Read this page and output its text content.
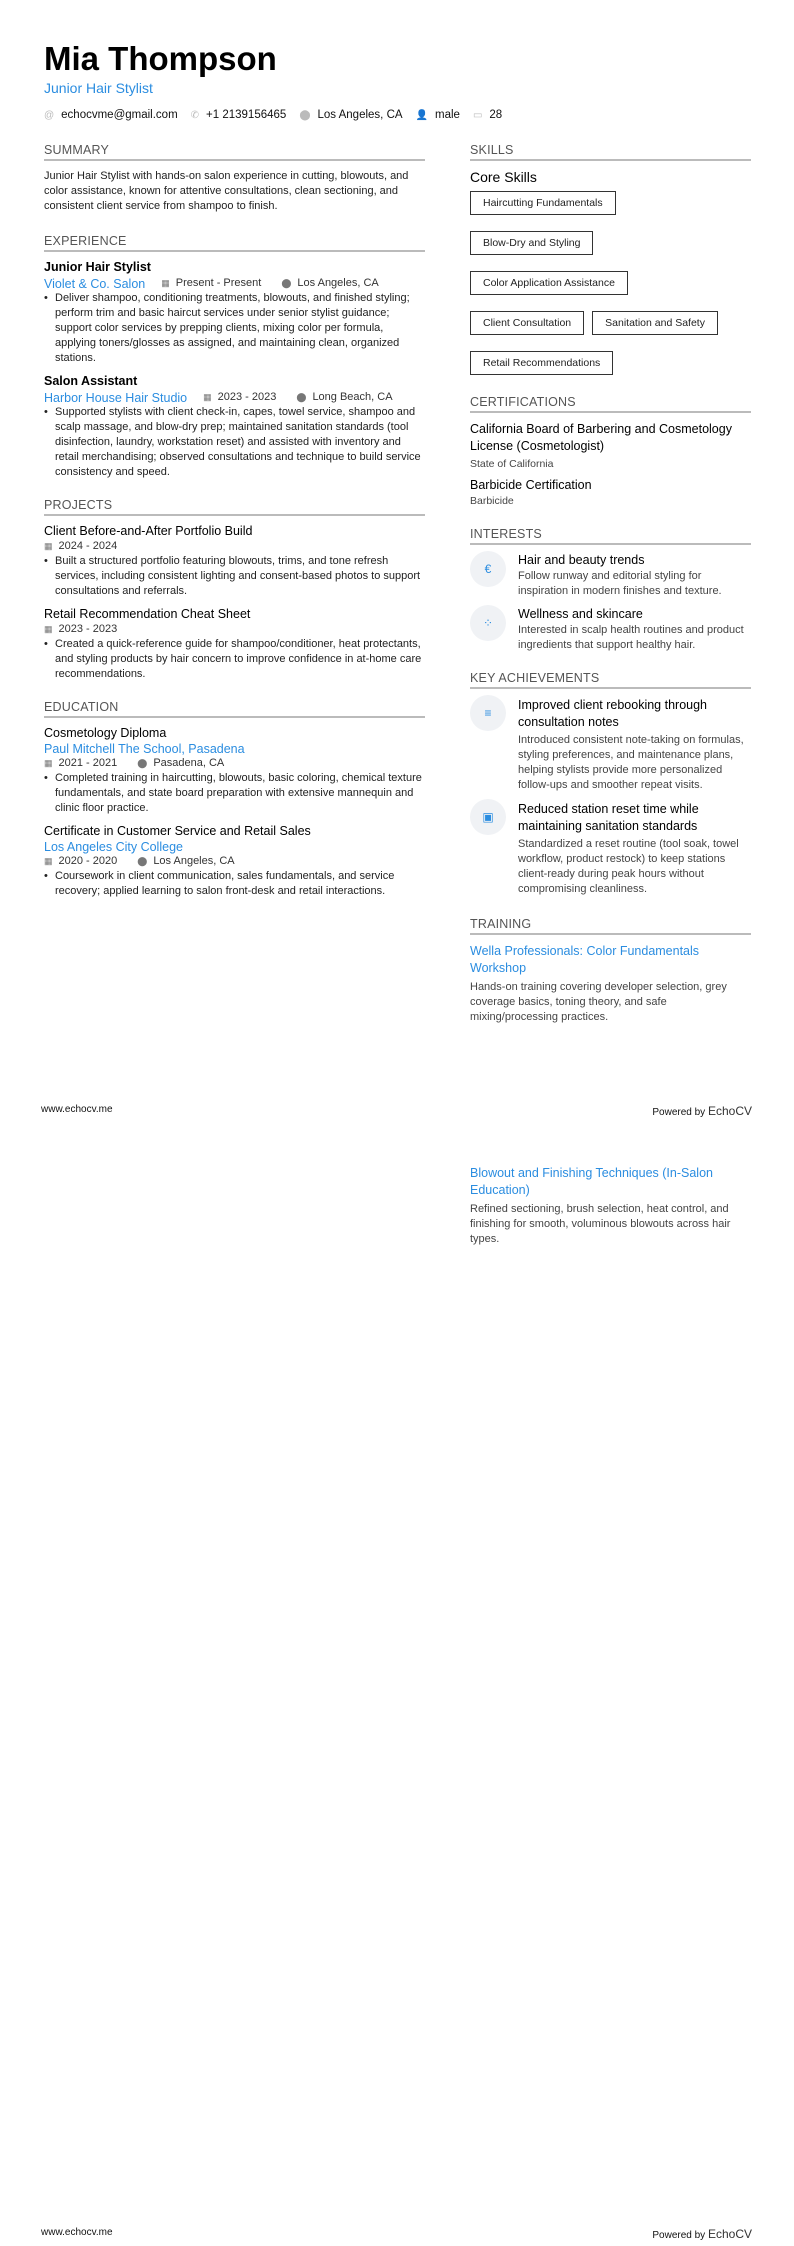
Mia Thompson
Junior Hair Stylist
@ echocvme@gmail.com ✆ +1 2139156465 ⬤ Los Angeles, CA 👤 male ▭ 28
SUMMARY
Junior Hair Stylist with hands-on salon experience in cutting, blowouts, and color assistance, known for attentive consultations, clean sectioning, and consistent client service from shampoo to finish.
EXPERIENCE
Junior Hair Stylist
Violet & Co. Salon ▦ Present - Present ⬤ Los Angeles, CA
• Deliver shampoo, conditioning treatments, blowouts, and finished styling; perform trim and basic haircut services under senior stylist guidance; support color services by prepping clients, mixing color per formula, applying toners/glosses as assigned, and maintaining clean, organized stations.
Salon Assistant
Harbor House Hair Studio ▦ 2023 - 2023 ⬤ Long Beach, CA
• Supported stylists with client check-in, capes, towel service, shampoo and scalp massage, and blow-dry prep; maintained sanitation standards (tool disinfection, laundry, workstation reset) and assisted with inventory and retail merchandising; observed consultations and technique to build service consistency and speed.
PROJECTS
Client Before-and-After Portfolio Build
▦ 2024 - 2024
• Built a structured portfolio featuring blowouts, trims, and tone refresh services, including consistent lighting and consent-based photos to support consultations and referrals.
Retail Recommendation Cheat Sheet
▦ 2023 - 2023
• Created a quick-reference guide for shampoo/conditioner, heat protectants, and styling products by hair concern to improve confidence in at-home care recommendations.
EDUCATION
Cosmetology Diploma
Paul Mitchell The School, Pasadena
▦ 2021 - 2021 ⬤ Pasadena, CA
• Completed training in haircutting, blowouts, basic coloring, chemical texture fundamentals, and state board preparation with extensive mannequin and clinic floor practice.
Certificate in Customer Service and Retail Sales
Los Angeles City College
▦ 2020 - 2020 ⬤ Los Angeles, CA
• Coursework in client communication, sales fundamentals, and service recovery; applied learning to salon front-desk and retail interactions.
SKILLS
Core Skills
Haircutting Fundamentals
Blow-Dry and Styling
Color Application Assistance
Client Consultation	Sanitation and Safety
Retail Recommendations
CERTIFICATIONS
California Board of Barbering and Cosmetology License (Cosmetologist)
State of California
Barbicide Certification
Barbicide
INTERESTS
€
Hair and beauty trends
Follow runway and editorial styling for inspiration in modern finishes and texture.
⁘
Wellness and skincare
Interested in scalp health routines and product ingredients that support healthy hair.
KEY ACHIEVEMENTS
≡
Improved client rebooking through consultation notes
Introduced consistent note-taking on formulas, styling preferences, and maintenance plans, helping stylists provide more personalized follow-ups and smoother repeat visits.
▣
Reduced station reset time while maintaining sanitation standards
Standardized a reset routine (tool soak, towel workflow, product restock) to keep stations client-ready during peak hours without compromising cleanliness.
TRAINING
Wella Professionals: Color Fundamentals Workshop
Hands-on training covering developer selection, grey coverage basics, toning theory, and safe mixing/processing practices.
www.echocv.me	Powered by EchoCV
Blowout and Finishing Techniques (In-Salon Education)
Refined sectioning, brush selection, heat control, and finishing for smooth, voluminous blowouts across hair types.
www.echocv.me	Powered by EchoCV
